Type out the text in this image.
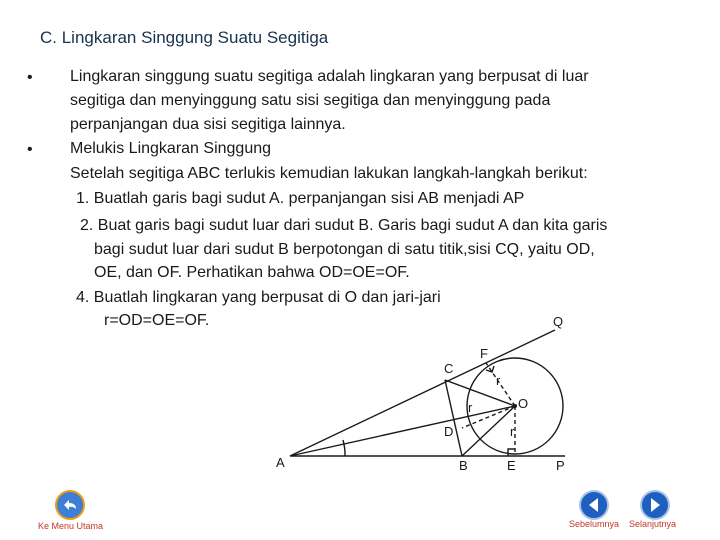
C. Lingkaran Singgung Suatu Segitiga
• Lingkaran singgung suatu segitiga adalah lingkaran yang berpusat di luar
segitiga dan menyinggung satu sisi segitiga dan menyinggung pada
perpanjangan dua sisi segitiga lainnya.
• Melukis Lingkaran Singgung
Setelah segitiga ABC terlukis kemudian lakukan langkah-langkah berikut:
1. Buatlah garis bagi sudut A. perpanjangan sisi AB menjadi AP
2. Buat garis bagi sudut luar dari sudut B. Garis bagi sudut A dan kita garis
bagi sudut luar dari sudut B berpotongan di satu titik,sisi CQ, yaitu OD,
OE, dan OF. Perhatikan bahwa OD=OE=OF.
4. Buatlah lingkaran yang berpusat di O dan jari-jari
r=OD=OE=OF.
A	B
C
D
E
F
O
P
Q
r
r
r
Ke Menu Utama	Sebelumnya Selanjutnya
